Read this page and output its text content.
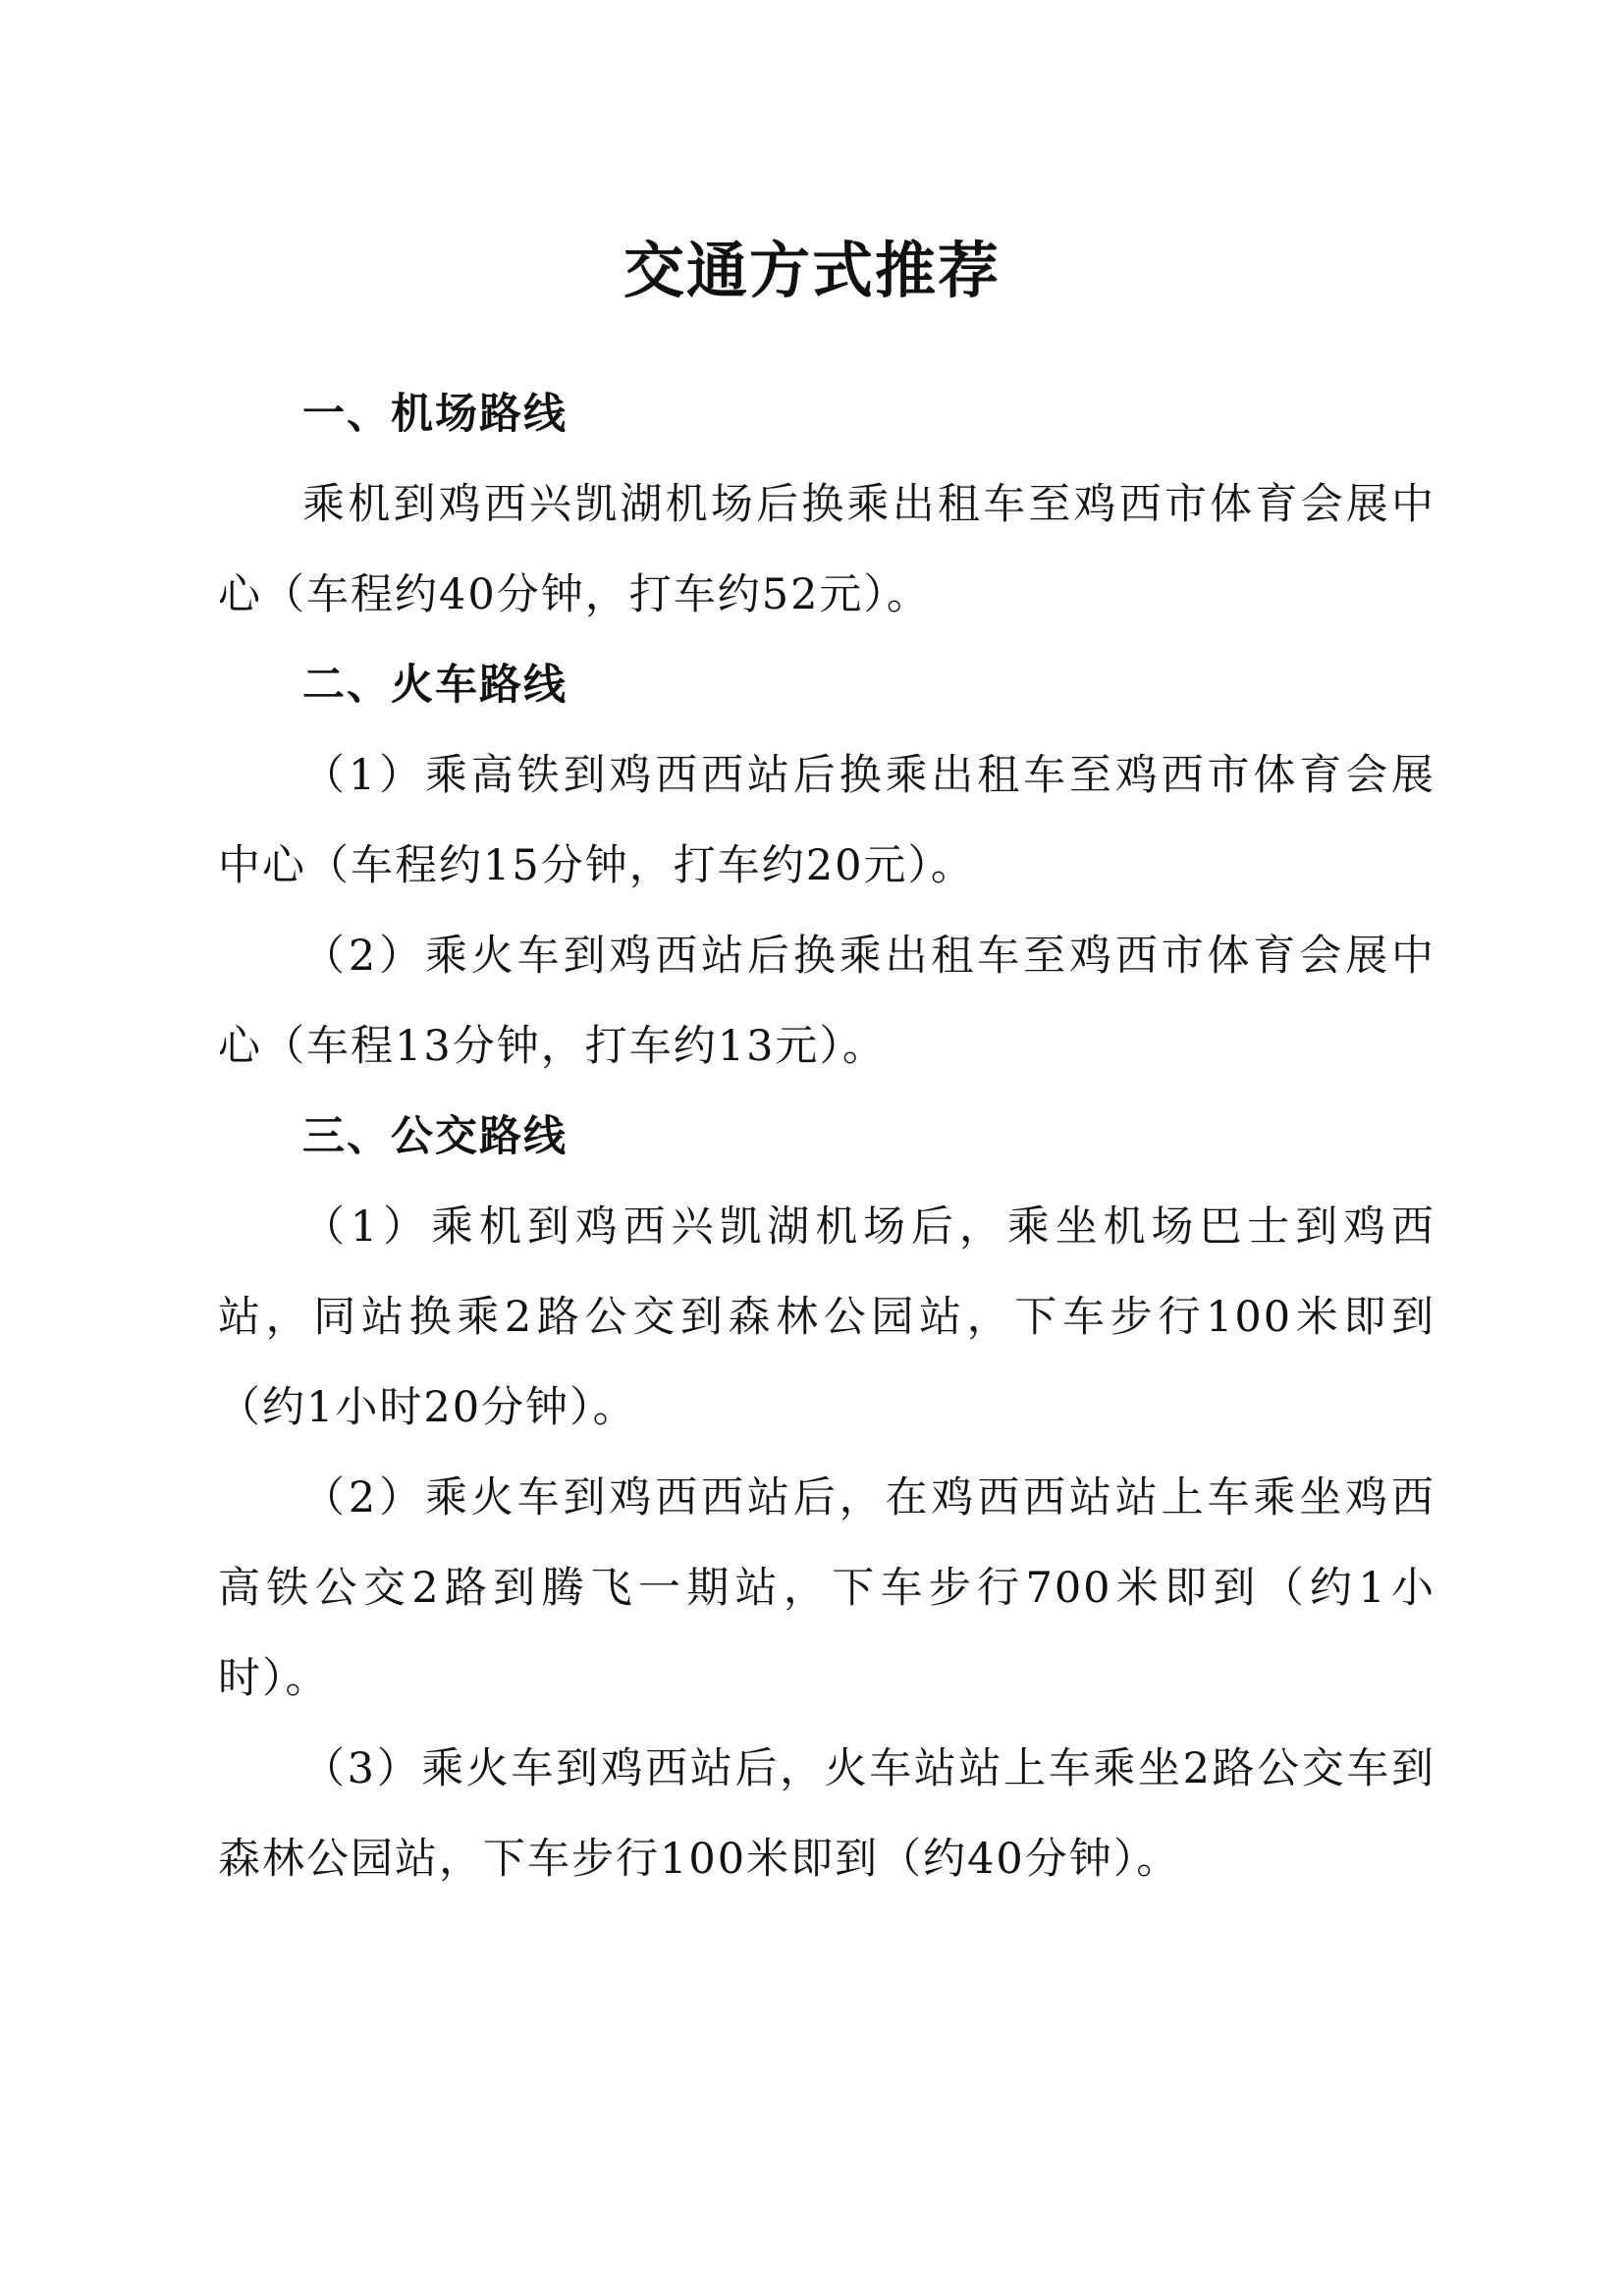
交通方式推荐

一、机场路线

乘机到鸡西兴凯湖机场后换乘出租车至鸡西市体育会展中心（车程约40分钟，打车约52元）。

二、火车路线

（1）乘高铁到鸡西西站后换乘出租车至鸡西市体育会展中心（车程约15分钟，打车约20元）。

（2）乘火车到鸡西站后换乘出租车至鸡西市体育会展中心（车程13分钟，打车约13元）。

三、公交路线

（1）乘机到鸡西兴凯湖机场后，乘坐机场巴士到鸡西站，同站换乘2路公交到森林公园站，下车步行100米即到（约1小时20分钟）。

（2）乘火车到鸡西西站后，在鸡西西站站上车乘坐鸡西高铁公交2路到腾飞一期站，下车步行700米即到（约1小时）。

（3）乘火车到鸡西站后，火车站站上车乘坐2路公交车到森林公园站，下车步行100米即到（约40分钟）。
